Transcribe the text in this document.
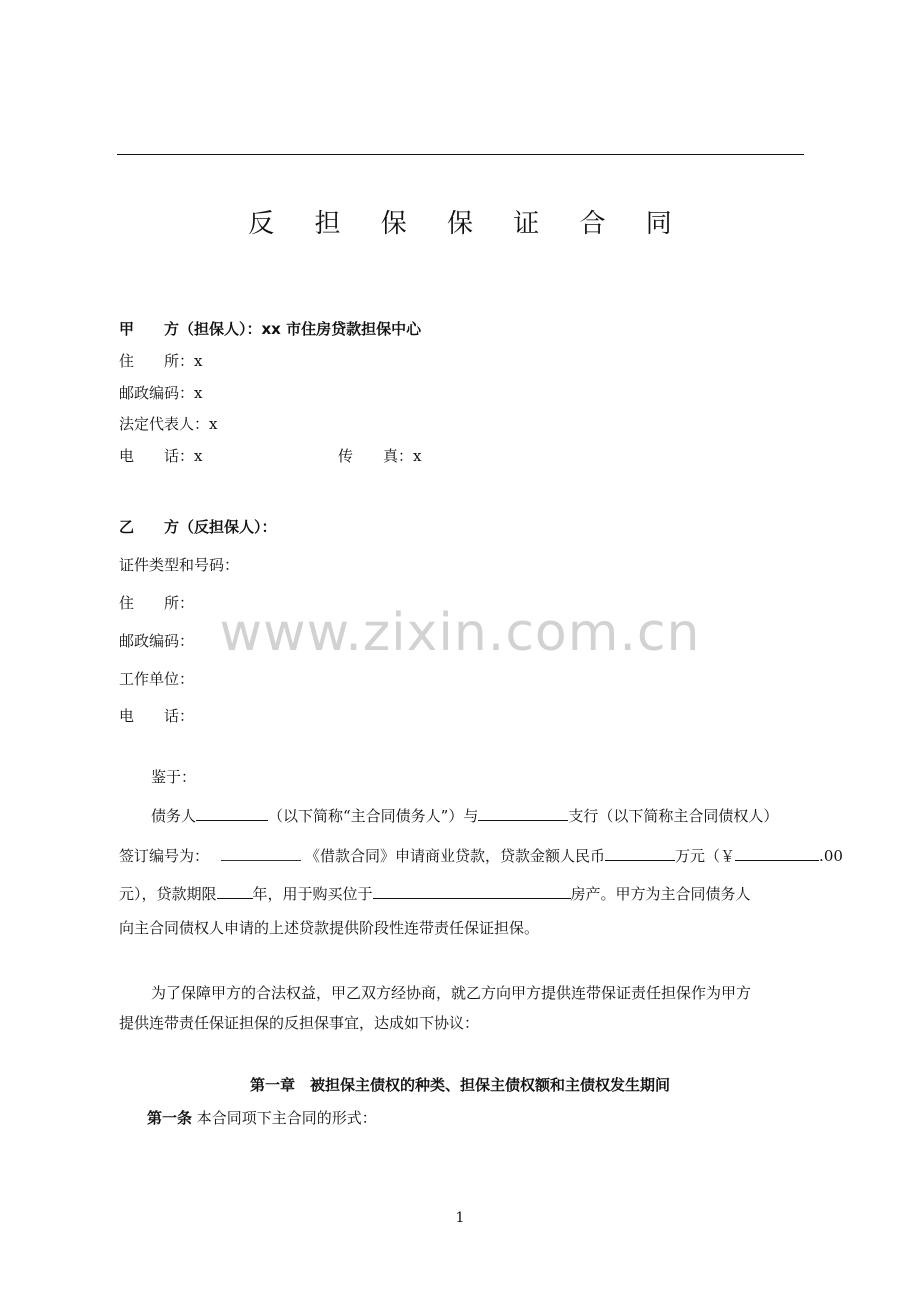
反 担 保 保 证 合 同
甲　　方（担保人）：xx 市住房贷款担保中心
住　　所：x
邮政编码：x
法定代表人：x
电　　话：x	传　　真：x
乙　　方（反担保人）：
证件类型和号码：
住　　所：
邮政编码：
工作单位：
电　　话：
鉴于：
债务人	（以下简称“主合同债务人”）与	支行（以下简称主合同债权人）
签订编号为：	《借款合同》申请商业贷款，贷款金额人民币	万元（￥	.00
元），贷款期限 年，用于购买位于	房产。甲方为主合同债务人
向主合同债权人申请的上述贷款提供阶段性连带责任保证担保。
为了保障甲方的合法权益，甲乙双方经协商，就乙方向甲方提供连带保证责任担保作为甲方
提供连带责任保证担保的反担保事宜，达成如下协议：
第一章　被担保主债权的种类、担保主债权额和主债权发生期间
第一条 本合同项下主合同的形式：
www.zixin.com.cn
1
